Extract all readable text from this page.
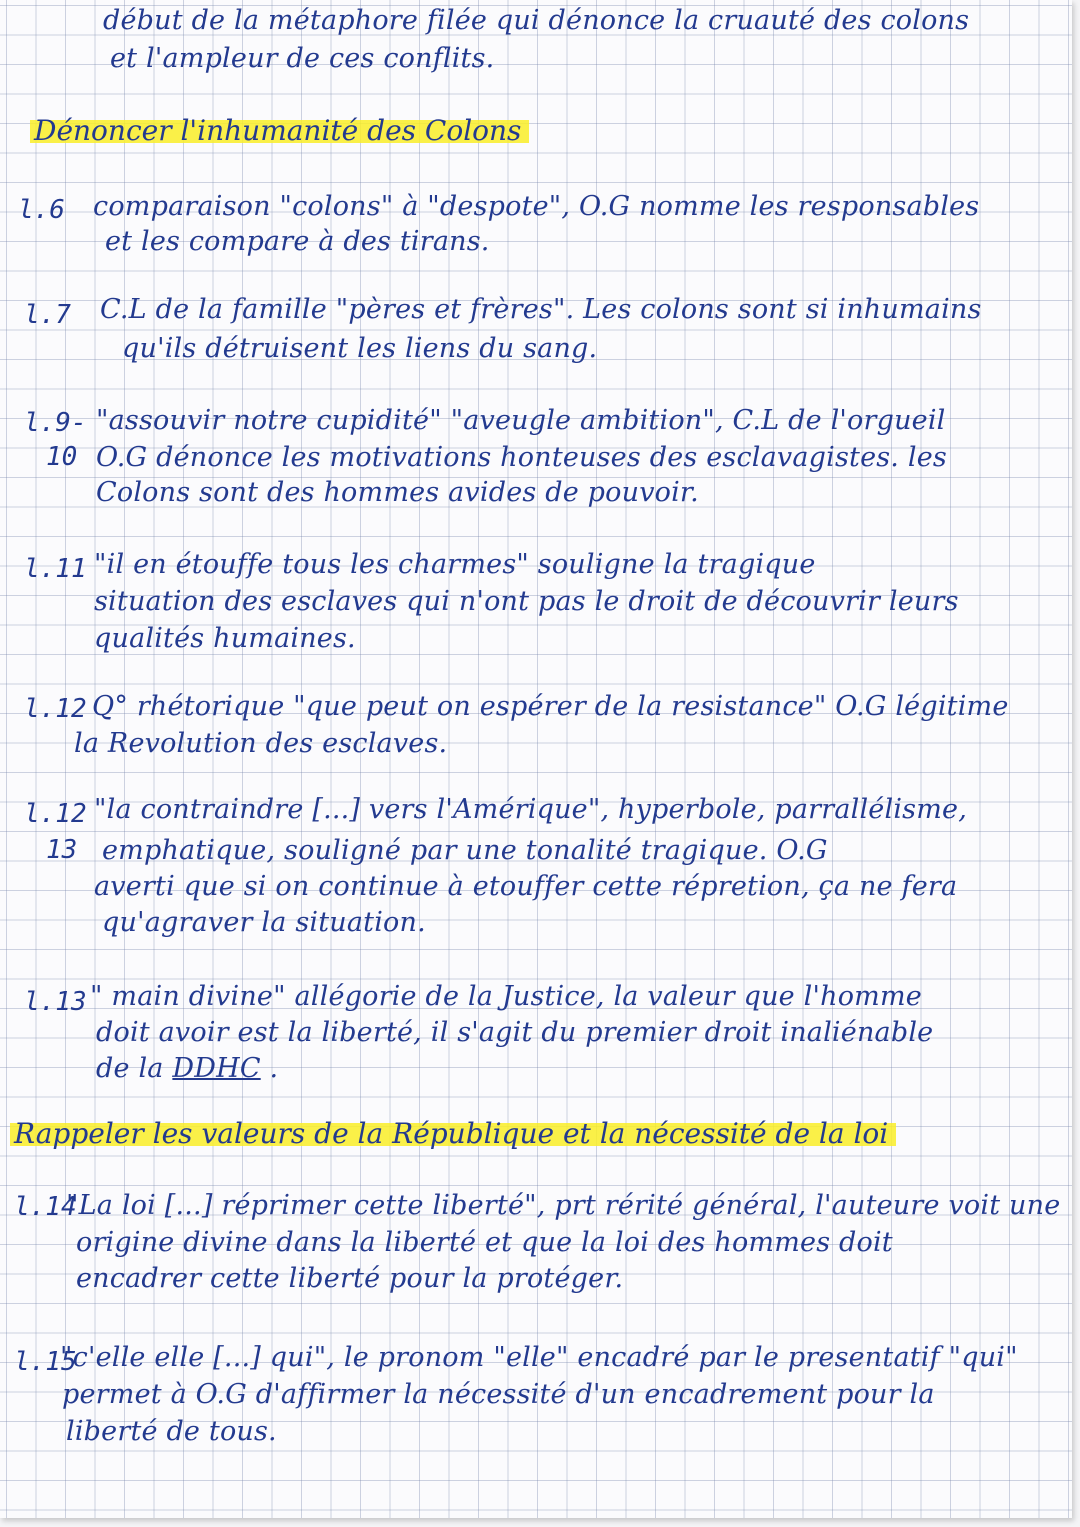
début de la métaphore filée qui dénonce la cruauté des colons
et l'ampleur de ces conflits.
Dénoncer l'inhumanité des Colons
l.6 comparaison "colons" à "despote", O.G nomme les responsables
et les compare à des tirans.
l.7 C.L de la famille "pères et frères". Les colons sont si inhumains
qu'ils détruisent les liens du sang.
l.9-
10
"assouvir notre cupidité" "aveugle ambition", C.L de l'orgueil
O.G dénonce les motivations honteuses des esclavagistes. les
Colons sont des hommes avides de pouvoir.
l.11 "il en étouffe tous les charmes" souligne la tragique
situation des esclaves qui n'ont pas le droit de découvrir leurs
qualités humaines.
l.12 Q° rhétorique "que peut on espérer de la resistance" O.G légitime
la Revolution des esclaves.
l.12
13
"la contraindre [...] vers l'Amérique", hyperbole, parrallélisme,
emphatique, souligné par une tonalité tragique. O.G
averti que si on continue à etouffer cette répretion, ça ne fera
qu'agraver la situation.
l.13 " main divine" allégorie de la Justice, la valeur que l'homme
doit avoir est la liberté, il s'agit du premier droit inaliénable
de la DDHC .
Rappeler les valeurs de la République et la nécessité de la loi
l.14
"La loi [...] réprimer cette liberté", prt rérité général, l'auteure voit une
origine divine dans la liberté et que la loi des hommes doit
encadrer cette liberté pour la protéger.
l.15
"c'elle elle [...] qui", le pronom "elle" encadré par le presentatif "qui"
permet à O.G d'affirmer la nécessité d'un encadrement pour la
liberté de tous.
